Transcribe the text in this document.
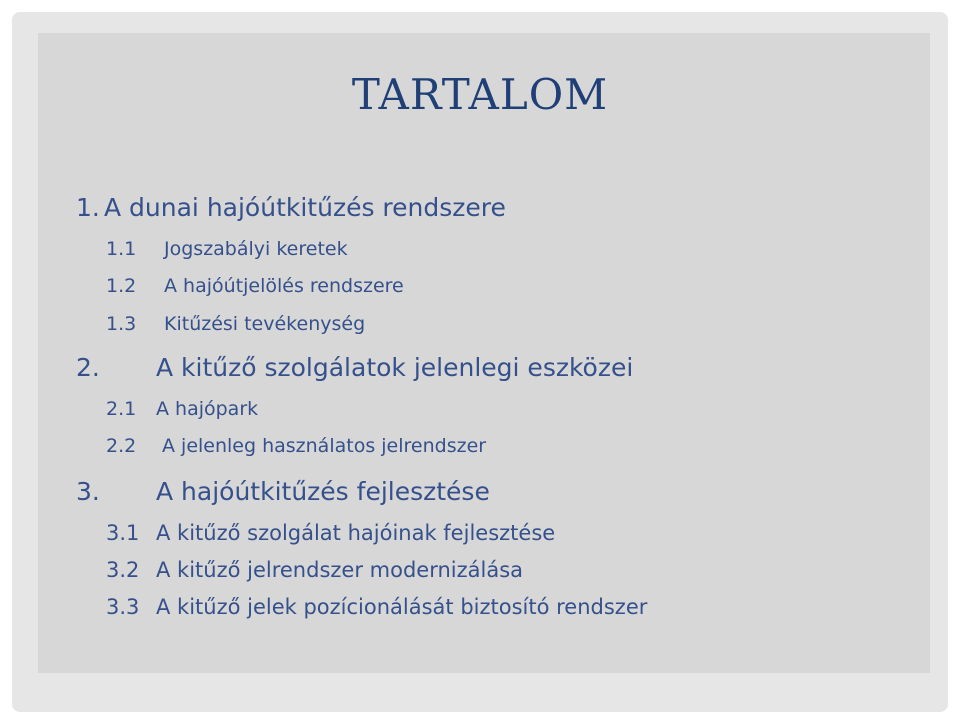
TARTALOM
1. A dunai hajóútkitűzés rendszere
1.1 Jogszabályi keretek
1.2 A hajóútjelölés rendszere
1.3 Kitűzési tevékenység
2. A kitűző szolgálatok jelenlegi eszközei
2.1 A hajópark
2.2 A jelenleg használatos jelrendszer
3. A hajóútkitűzés fejlesztése
3.1 A kitűző szolgálat hajóinak fejlesztése
3.2 A kitűző jelrendszer modernizálása
3.3 A kitűző jelek pozícionálását biztosító rendszer
